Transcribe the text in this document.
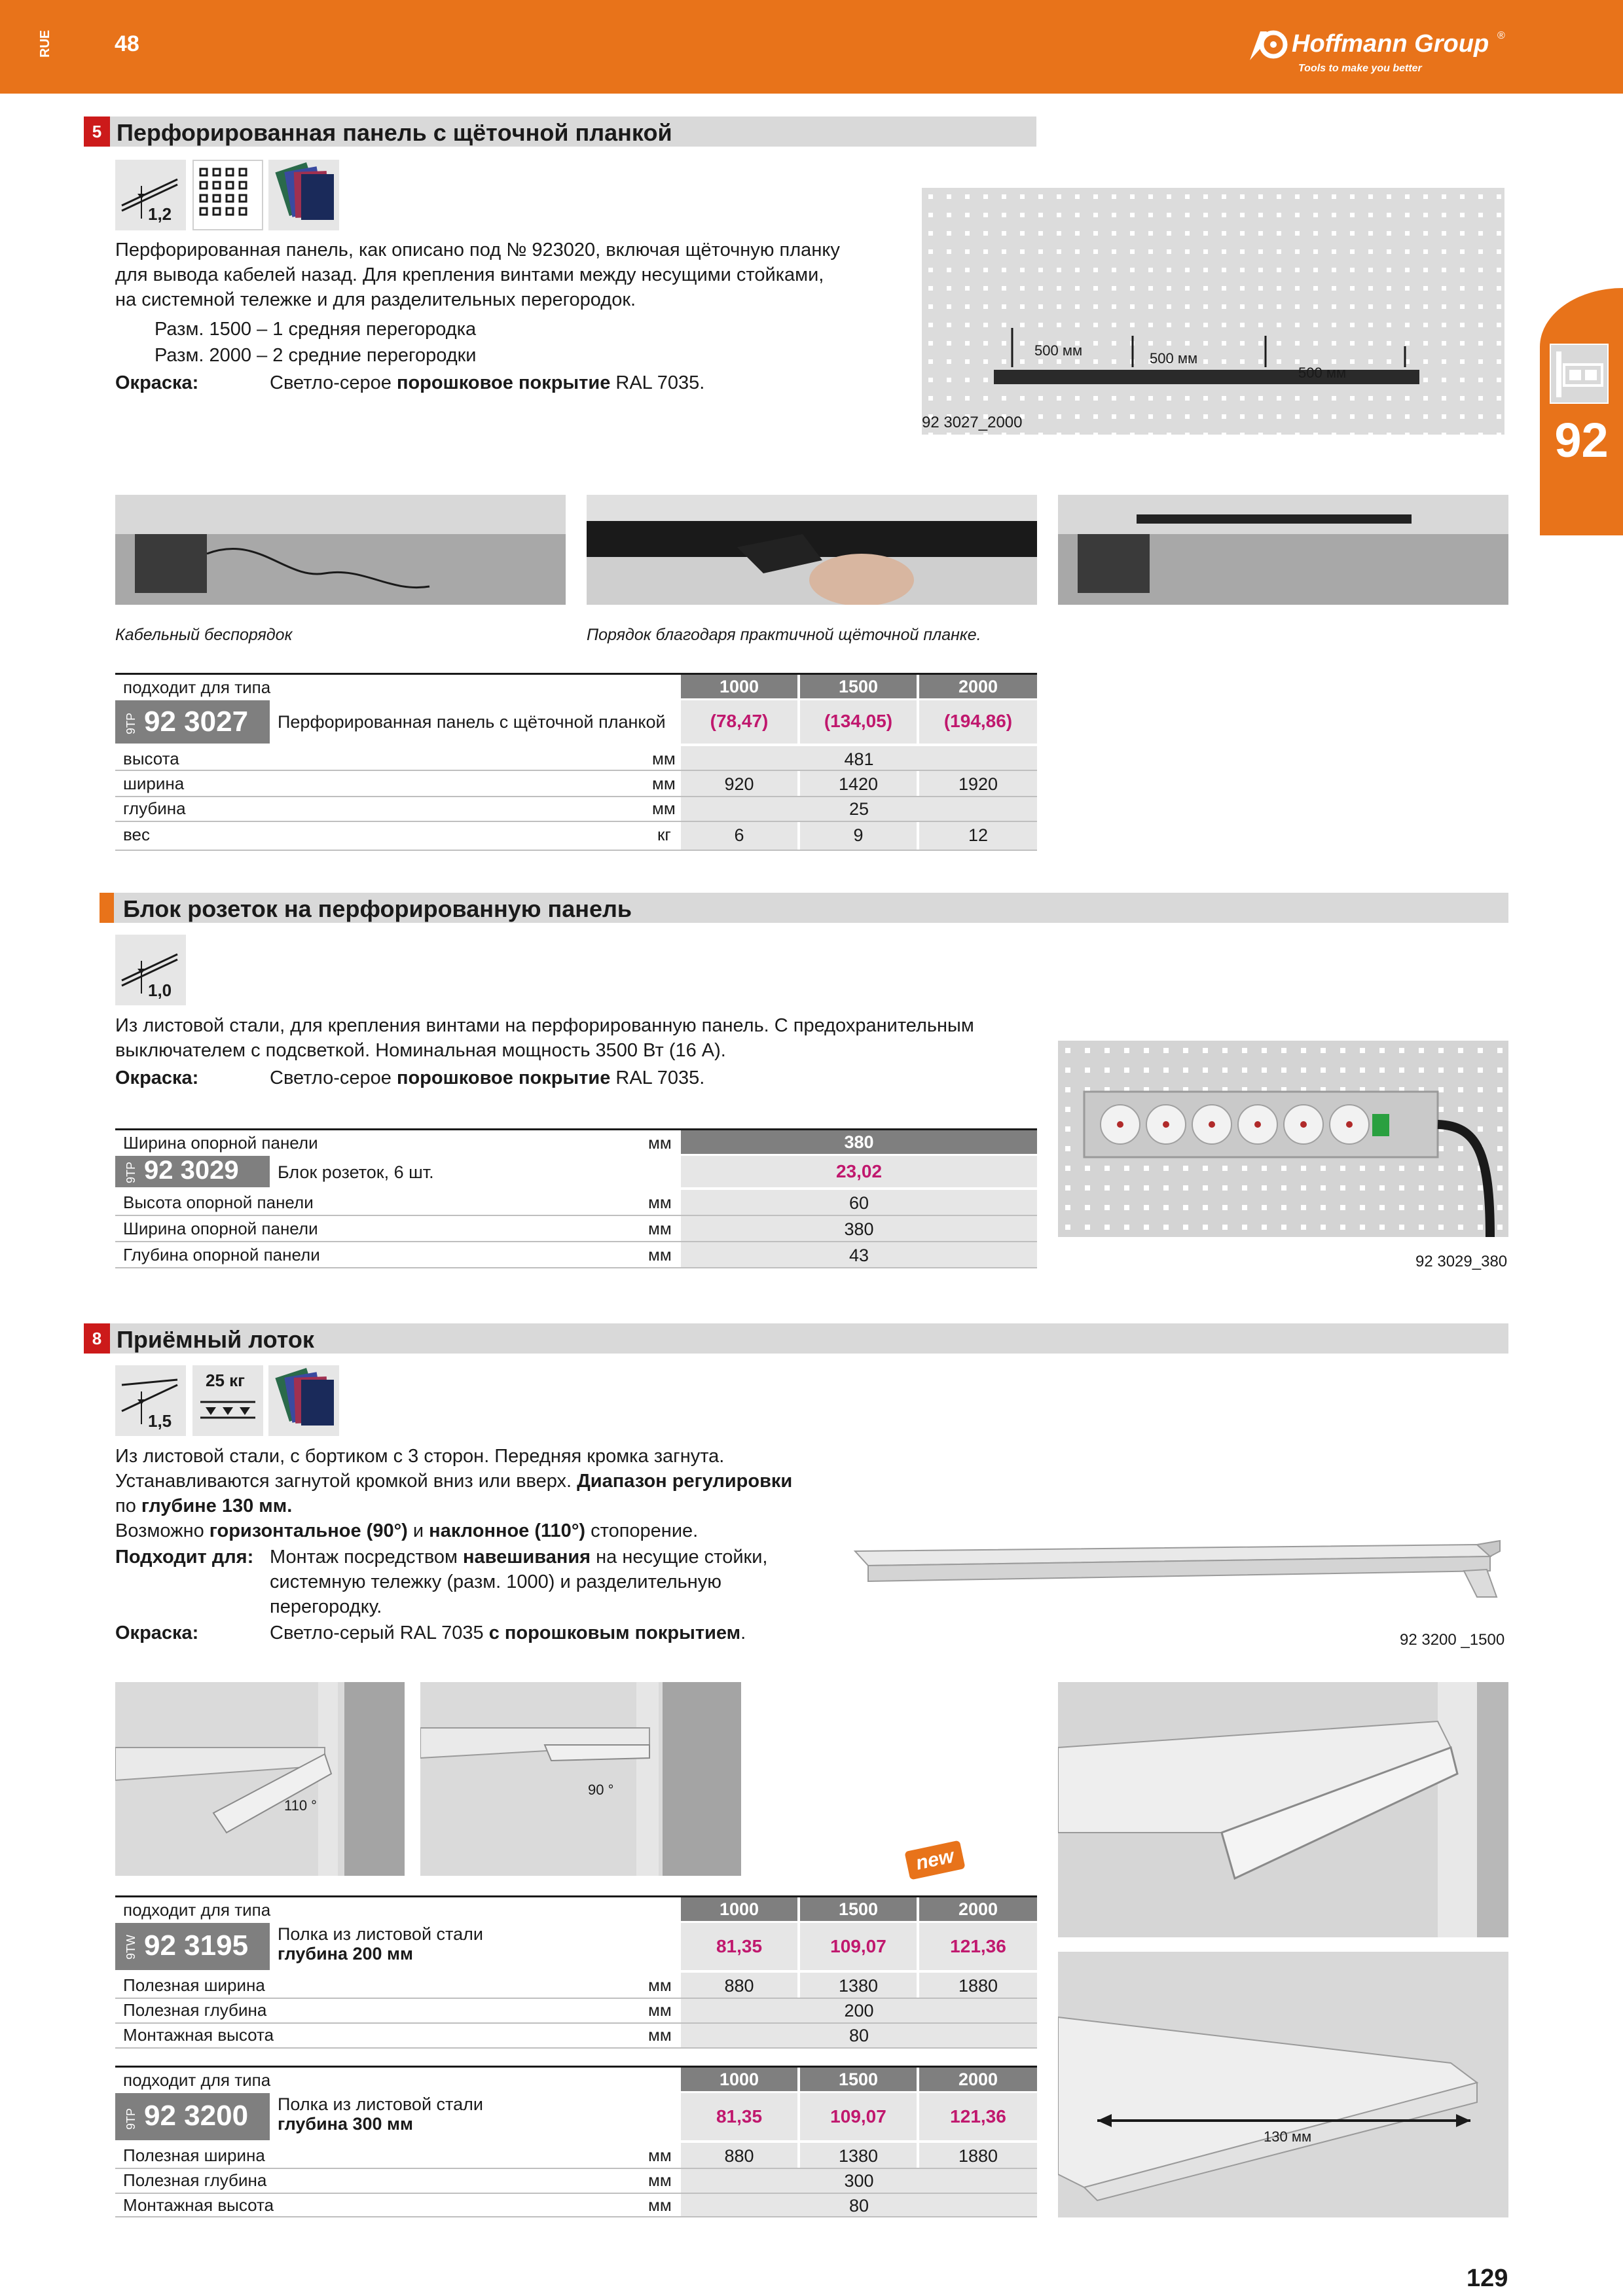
RUE	48	Hoffmann Group ®
Tools to make you better
92
5 Перфорированная панель с щётoчной планкой
1,2
Перфорированная панель, как описано под № 923020, включая щёточную планку
для вывода кабелей назад. Для крепления винтами между несущими стойками,
на системной тележке и для разделительных перегородок.
Разм. 1500 – 1 средняя перегородка
Разм. 2000 – 2 средние перегородки
Окраска:	Светло-серое порошковое покрытие RAL 7035.
500 мм	500 мм
500 мм
92 3027_2000
Кабельный беспорядок	Порядок благодаря практичной щёточной планке.
подходит для типа	1000	1500	2000
9TP 92 3027 Перфорированная панель с щёточной планкой	(78,47)	(134,05)	(194,86)
высота	мм	481
ширина	мм	920	1420	1920
глубина	мм	25
вес	кг	6	9	12
Блок розеток на перфорированную панель
1,0
Из листовой стали, для крепления винтами на перфорированную панель. С предохранительным
выключателем с подсветкой. Номинальная мощность 3500 Вт (16 A).
Окраска:	Светло-серое порошковое покрытие RAL 7035.
92 3029_380
Ширина опорной панели	мм	380
9TP 92 3029 Блок розеток, 6 шт.	23,02
Высота опорной панели	мм	60
Ширина опорной панели	мм	380
Глубина опорной панели	мм	43
8 Приёмный лоток
1,5
25 кг
Из листовой стали, с бортиком с 3 сторон. Передняя кромка загнута.
Устанавливаются загнутой кромкой вниз или вверх. Диапазон регулировки
по глубине 130 мм.
Возможно горизонтальное (90°) и наклонное (110°) стопорение.
Подходит для: Монтаж посредством навешивания на несущие стойки,
системную тележку (разм. 1000) и разделительную
перегородку.
Окраска:	Светло-серый RAL 7035 с порошковым покрытием.	92 3200 _1500
110 °
90 °
130 мм
new
подходит для типа	1000	1500	2000
9TW 92 3195 Полка из листовой стали
глубина 200 мм	81,35	109,07	121,36
Полезная ширина	мм	880	1380	1880
Полезная глубина	мм	200
Монтажная высота	мм	80
подходит для типа	1000	1500	2000
9TP 92 3200 Полка из листовой стали
глубина 300 мм	81,35	109,07	121,36
Полезная ширина	мм	880	1380	1880
Полезная глубина	мм	300
Монтажная высота	мм	80
129
